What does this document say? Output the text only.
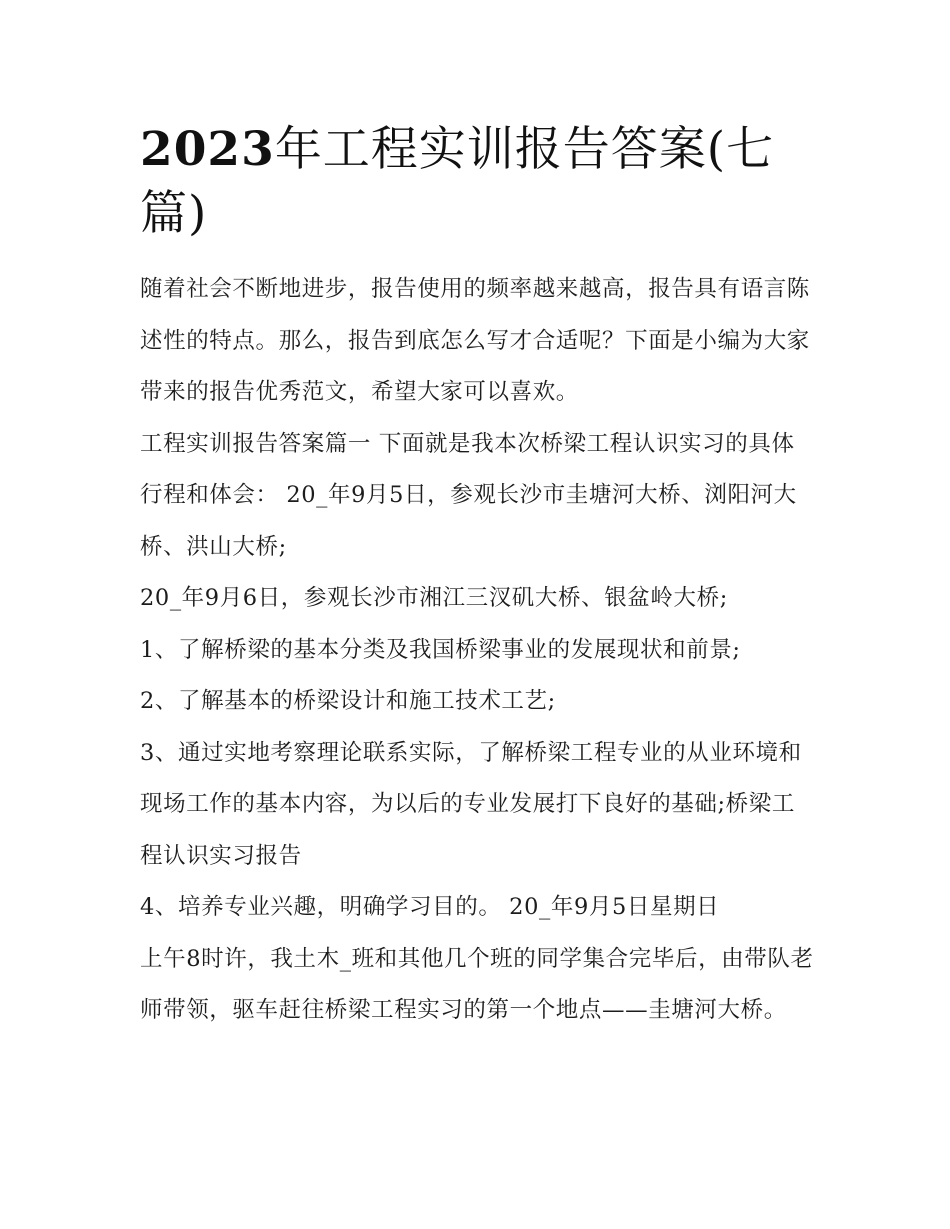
2023年工程实训报告答案(七篇)

随着社会不断地进步，报告使用的频率越来越高，报告具有语言陈述性的特点。那么，报告到底怎么写才合适呢？下面是小编为大家带来的报告优秀范文，希望大家可以喜欢。

工程实训报告答案篇一 下面就是我本次桥梁工程认识实习的具体行程和体会： 20_年9月5日，参观长沙市圭塘河大桥、浏阳河大桥、洪山大桥;

20_年9月6日，参观长沙市湘江三汊矶大桥、银盆岭大桥;

1、了解桥梁的基本分类及我国桥梁事业的发展现状和前景;

2、了解基本的桥梁设计和施工技术工艺;

3、通过实地考察理论联系实际，了解桥梁工程专业的从业环境和现场工作的基本内容，为以后的专业发展打下良好的基础;桥梁工程认识实习报告

4、培养专业兴趣，明确学习目的。 20_年9月5日星期日

上午8时许，我土木_班和其他几个班的同学集合完毕后，由带队老师带领，驱车赶往桥梁工程实习的第一个地点——圭塘河大桥。
